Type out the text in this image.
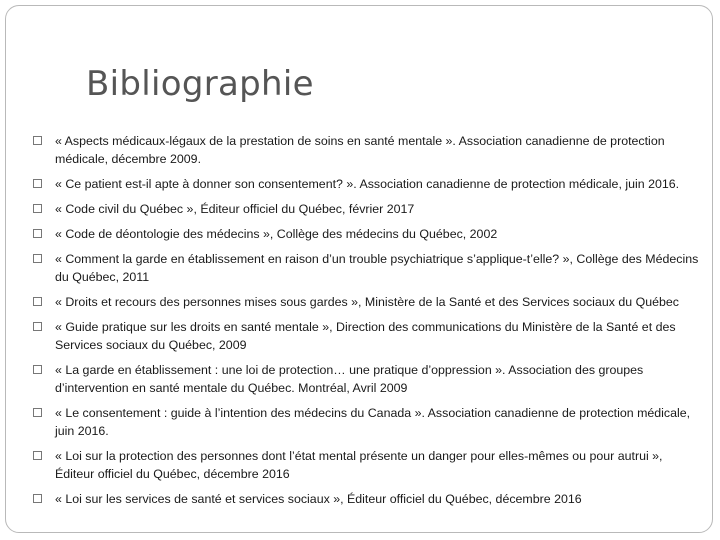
Bibliographie
« Aspects médicaux-légaux de la prestation de soins en santé mentale ». Association canadienne de protection médicale, décembre 2009.
« Ce patient est-il apte à donner son consentement? ». Association canadienne de protection médicale, juin 2016.
« Code civil du Québec », Éditeur officiel du Québec, février 2017
« Code de déontologie des médecins », Collège des médecins du Québec, 2002
« Comment la garde en établissement en raison d’un trouble psychiatrique s’applique-t’elle? », Collège des Médecins du Québec, 2011
« Droits et recours des personnes mises sous gardes », Ministère de la Santé et des Services sociaux du Québec
« Guide pratique sur les droits en santé mentale », Direction des communications du Ministère de la Santé et des Services sociaux du Québec, 2009
« La garde en établissement : une loi de protection… une pratique d’oppression ». Association des groupes d’intervention en santé mentale du Québec. Montréal, Avril 2009
« Le consentement : guide à l’intention des médecins du Canada ». Association canadienne de protection médicale, juin 2016.
« Loi sur la protection des personnes dont l’état mental présente un danger pour elles-mêmes ou pour autrui », Éditeur officiel du Québec, décembre 2016
« Loi sur les services de santé et services sociaux », Éditeur officiel du Québec, décembre 2016
